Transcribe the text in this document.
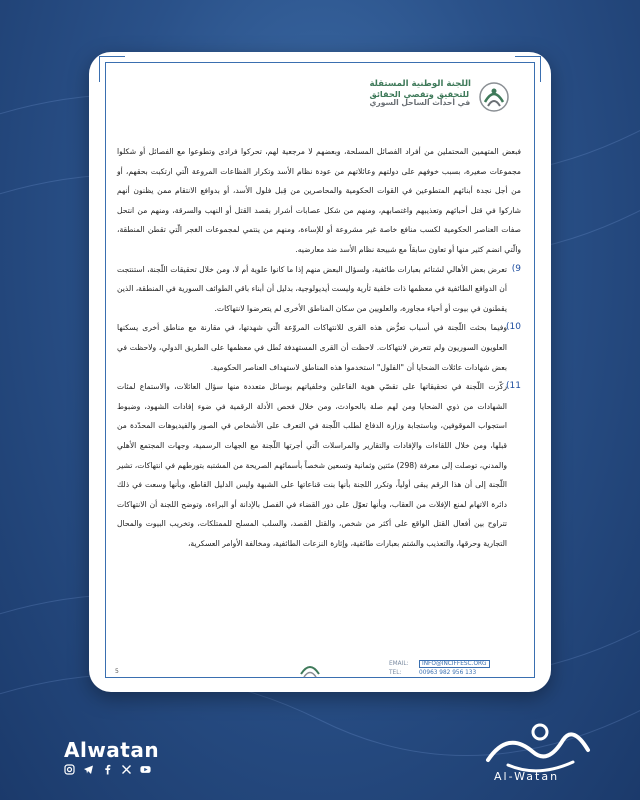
اللجنة الوطنية المستقلة
للتحقيق وتقصي الحقائق
في أحداث الساحل السوري

فبعض المتهمين المحتملين من أفراد الفصائل المسلحة، وبعضهم لا مرجعية لهم، تحركوا فرادى وتطوعوا مع الفصائل أو شكلوا مجموعات صغيرة، بسبب خوفهم على دولتهم وعائلاتهم من عودة نظام الأسد وتكرار الفظاعات المروعة الّتي ارتكبت بحقهم، أو من أجل نجدة أبنائهم المتطوعين في القوات الحكومية والمحاصرين من قِبل فلول الأسد، أو بدوافع الانتقام ممن يظنون أنهم شاركوا في قتل أحبائهم وتعذيبهم واغتصابهم، ومنهم من شكل عصابات أشرار بقصد القتل أو النهب والسرقة، ومنهم من انتحل صفات العناصر الحكومية لكسب منافع خاصة غير مشروعة أو للإساءة، ومنهم من ينتمي لمجموعات الغجر الّتي تقطن المنطقة، والّتي انضم كثير منها أو تعاون سابقاً مع شبيحة نظام الأسد ضد معارضيه.

9)
تعرض بعض الأهالي لشتائم بعبارات طائفية، ولسؤال البعض منهم إذا ما كانوا علوية أم لا، ومن خلال تحقيقات اللّجنة، استنتجت أن الدوافع الطائفية في معظمها ذات خلفية ثأرية وليست أيديولوجية، بدليل أن أبناء باقي الطوائف السورية في المنطقة، الذين يقطنون في بيوت أو أحياء مجاورة، والعلويين من سكان المناطق الأخرى لم يتعرضوا لانتهاكات.

10)
وفيما بحثت اللّجنة في أسباب تعرُّض هذه القرى للانتهاكات المروّعة الّتي شهدتها، في مقارنة مع مناطق أخرى يسكنها العلويون السوريون ولم تتعرض لانتهاكات. لاحظت أن القرى المستهدفة تُطل في معظمها على الطريق الدولي، ولاحظت في بعض شهادات عائلات الضحايا أن "الفلول" استخدموا هذه المناطق لاستهداف العناصر الحكومية.

11)
ركّزت اللّجنة في تحقيقاتها على تقصّي هوية الفاعلين وخلفياتهم بوسائل متعددة منها سؤال العائلات، والاستماع لمئات الشهادات من ذوي الضحايا ومن لهم صلة بالحوادث، ومن خلال فحص الأدلة الرقمية في ضوء إفادات الشهود، وضبوط استجواب الموقوفين، وباستجابة وزارة الدفاع لطلب اللّجنة في التعرف على الأشخاص في الصور والفيديوهات المحدّدة من قبلها، ومن خلال اللقاءات والإفادات والتقارير والمراسلات الّتي أجرتها اللّجنة مع الجهات الرسمية، وجهات المجتمع الأهلي والمدني، توصلت إلى معرفة (298) مئتين وثمانية وتسعين شخصاً بأسمائهم الصريحة من المشتبه بتورطهم في انتهاكات، تشير اللّجنة إلى أن هذا الرقم يبقى أولياً، وتكرر اللجنة بأنها بنت قناعاتها على الشبهة وليس الدليل القاطع، وبأنها وسعت في ذلك دائرة الاتهام لمنع الإفلات من العقاب، وبأنها تعوّل على دور القضاء في الفصل بالإدانة أو البراءة، وتوضح اللجنة أن الانتهاكات تتراوح بين أفعال القتل الواقع على أكثر من شخص، والقتل القصد، والسلب المسلح للممتلكات، وتخريب البيوت والمحال التجارية وحرقها، والتعذيب والشتم بعبارات طائفية، وإثارة النزعات الطائفية، ومخالفة الأوامر العسكرية،

5
EMAIL: INFO@INCIFFESC.ORG
TEL:	00963 982 956 133
Alwatan
Al-Watan
